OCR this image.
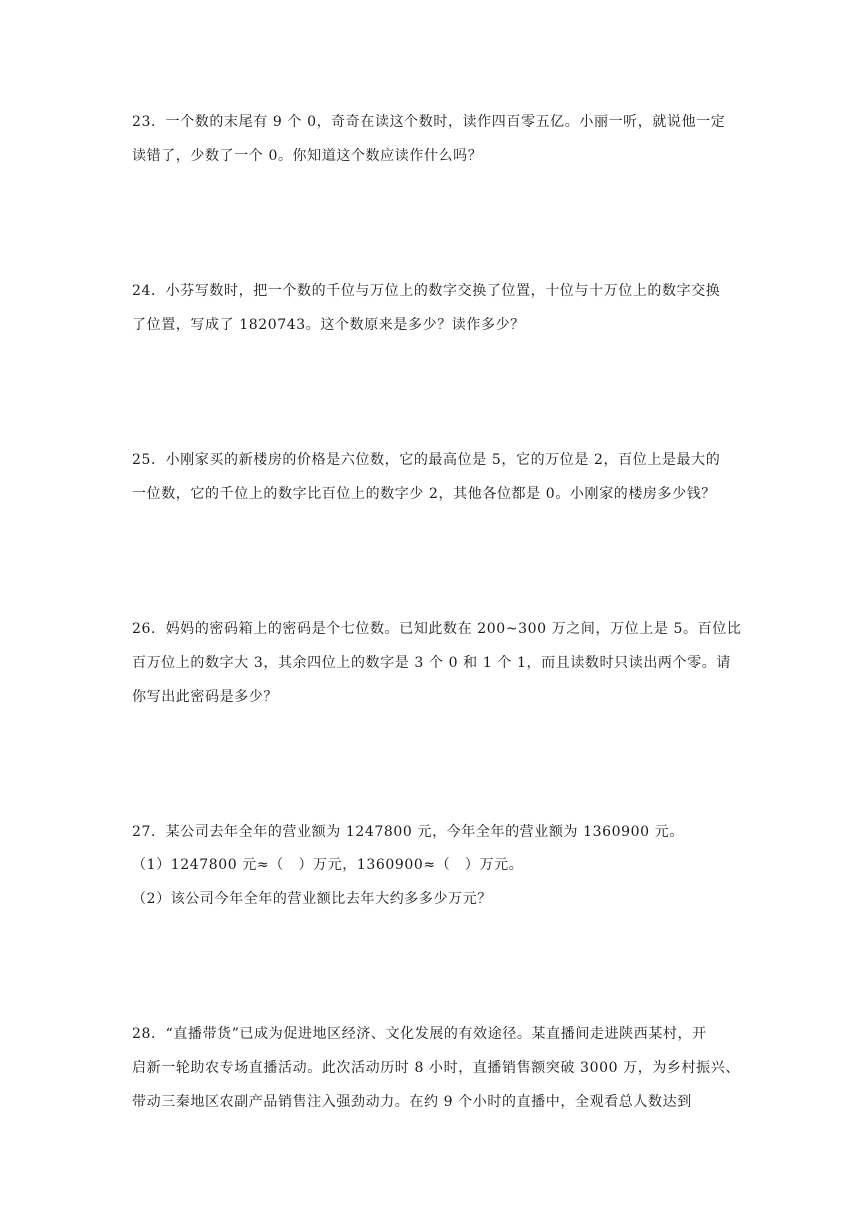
23．一个数的末尾有 9 个 0，奇奇在读这个数时，读作四百零五亿。小丽一听，就说他一定
读错了，少数了一个 0。你知道这个数应读作什么吗？
24．小芬写数时，把一个数的千位与万位上的数字交换了位置，十位与十万位上的数字交换
了位置，写成了 1820743。这个数原来是多少？读作多少？
25．小刚家买的新楼房的价格是六位数，它的最高位是 5，它的万位是 2，百位上是最大的
一位数，它的千位上的数字比百位上的数字少 2，其他各位都是 0。小刚家的楼房多少钱？
26．妈妈的密码箱上的密码是个七位数。已知此数在 200~300 万之间，万位上是 5。百位比
百万位上的数字大 3，其余四位上的数字是 3 个 0 和 1 个 1，而且读数时只读出两个零。请
你写出此密码是多少？
27．某公司去年全年的营业额为 1247800 元，今年全年的营业额为 1360900 元。
（1）1247800 元≈（　）万元，1360900≈（　）万元。
（2）该公司今年全年的营业额比去年大约多多少万元？
28．“直播带货”已成为促进地区经济、文化发展的有效途径。某直播间走进陕西某村，开
启新一轮助农专场直播活动。此次活动历时 8 小时，直播销售额突破 3000 万，为乡村振兴、
带动三秦地区农副产品销售注入强劲动力。在约 9 个小时的直播中，全观看总人数达到
